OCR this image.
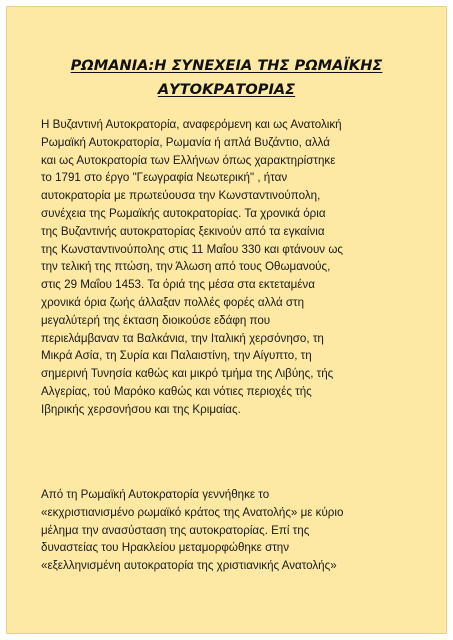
ΡΩΜΑΝΙΑ:Η ΣΥΝΕΧΕΙΑ ΤΗΣ ΡΩΜΑΪΚΗΣ
ΑΥΤΟΚΡΑΤΟΡΙΑΣ
Η Βυζαντινή Αυτοκρατορία, αναφερόμενη και ως Ανατολική
Ρωμαϊκή Αυτοκρατορία, Ρωμανία ή απλά Βυζάντιο, αλλά
και ως Αυτοκρατορία των Ελλήνων όπως χαρακτηρίστηκε
το 1791 στο έργο "Γεωγραφία Νεωτερική" , ήταν
αυτοκρατορία με πρωτεύουσα την Κωνσταντινούπολη,
συνέχεια της Ρωμαϊκής αυτοκρατορίας. Τα χρονικά όρια
της Βυζαντινής αυτοκρατορίας ξεκινούν από τα εγκαίνια
της Κωνσταντινούπολης στις 11 Μαΐου 330 και φτάνουν ως
την τελική της πτώση, την Άλωση από τους Οθωμανούς,
στις 29 Μαΐου 1453. Τα όριά της μέσα στα εκτεταμένα
χρονικά όρια ζωής άλλαξαν πολλές φορές αλλά στη
μεγαλύτερή της έκταση διοικούσε εδάφη που
περιελάμβαναν τα Βαλκάνια, την Ιταλική χερσόνησο, τη
Μικρά Ασία, τη Συρία και Παλαιστίνη, την Αίγυπτο, τη
σημερινή Τυνησία καθώς και μικρό τμήμα της Λιβύης, τής
Αλγερίας, τού Μαρόκο καθώς και νότιες περιοχές τής
Ιβηρικής χερσονήσου και της Κριμαίας.
Από τη Ρωμαϊκή Αυτοκρατορία γεννήθηκε το
«εκχριστιανισμένο ρωμαϊκό κράτος της Ανατολής» με κύριο
μέλημα την ανασύσταση της αυτοκρατορίας. Επί της
δυναστείας του Ηρακλείου μεταμορφώθηκε στην
«εξελληνισμένη αυτοκρατορία της χριστιανικής Ανατολής»
